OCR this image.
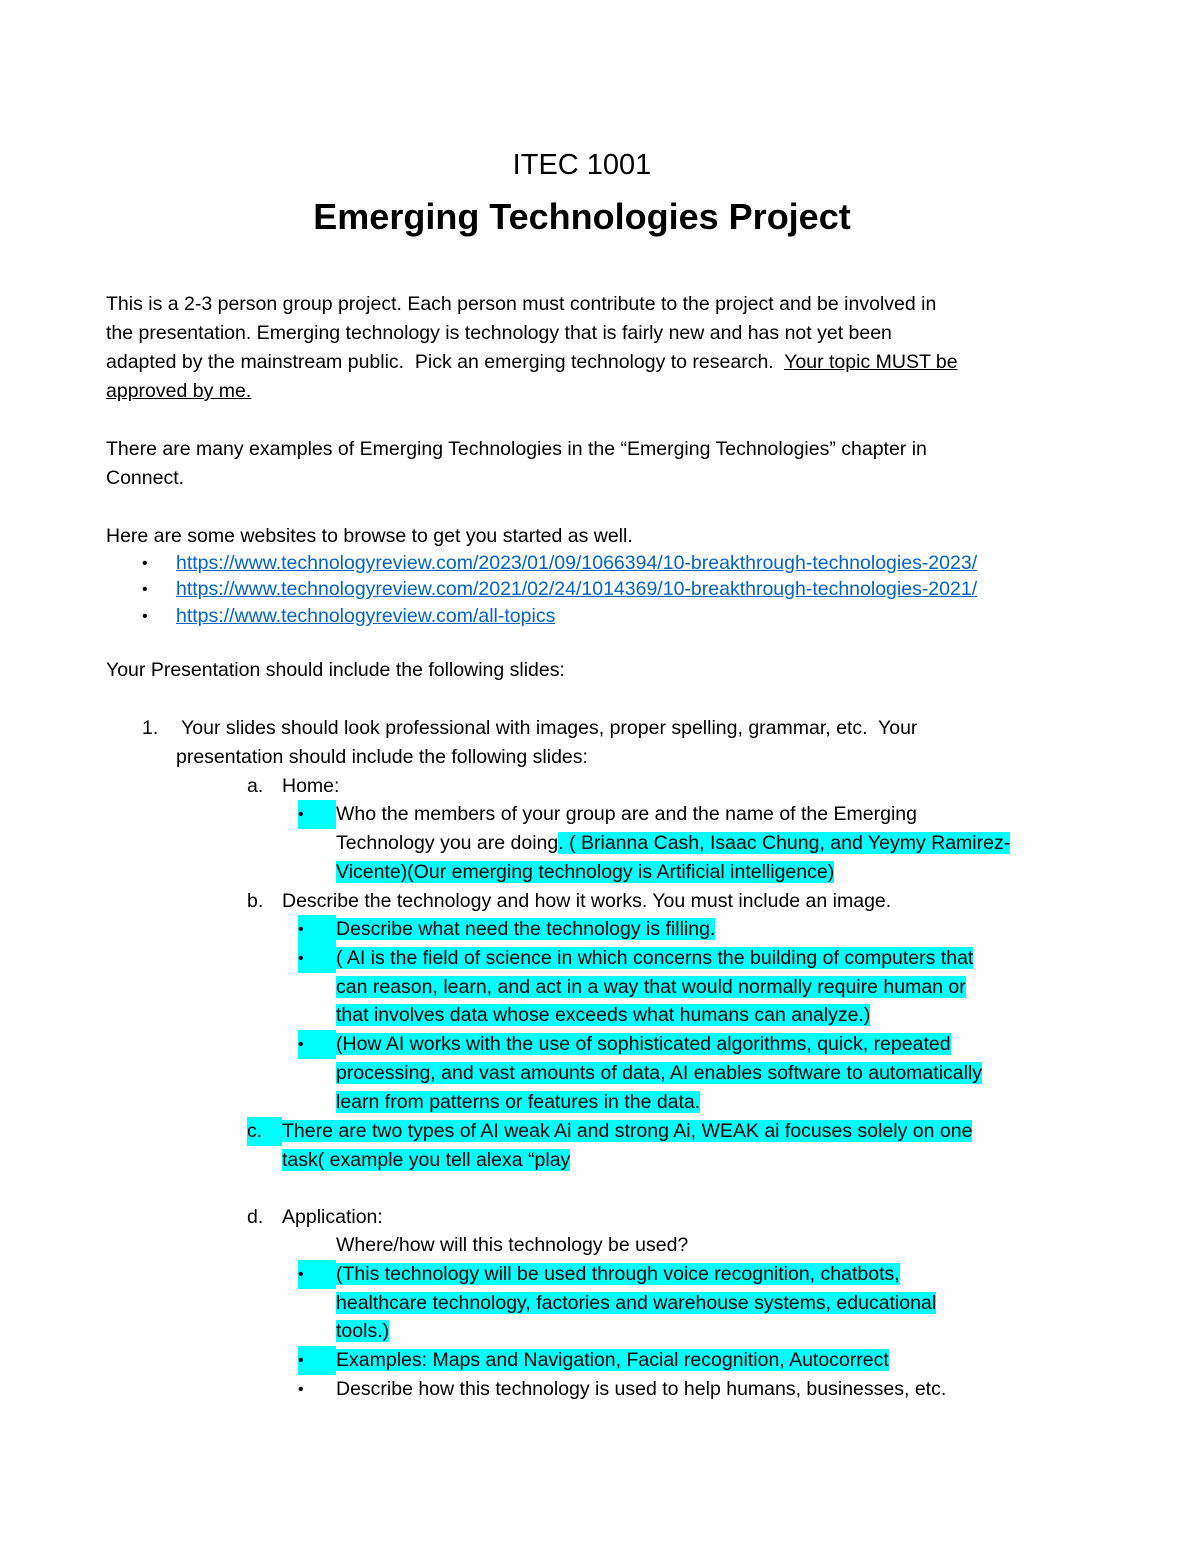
ITEC 1001
Emerging Technologies Project
This is a 2-3 person group project. Each person must contribute to the project and be involved in
the presentation. Emerging technology is technology that is fairly new and has not yet been
adapted by the mainstream public.  Pick an emerging technology to research.  Your topic MUST be
approved by me.
There are many examples of Emerging Technologies in the “Emerging Technologies” chapter in
Connect.
Here are some websites to browse to get you started as well.
• https://www.technologyreview.com/2023/01/09/1066394/10-breakthrough-technologies-2023/
• https://www.technologyreview.com/2021/02/24/1014369/10-breakthrough-technologies-2021/
• https://www.technologyreview.com/all-topics
Your Presentation should include the following slides:
1. Your slides should look professional with images, proper spelling, grammar, etc.  Your
presentation should include the following slides:
a. Home:
•	Who the members of your group are and the name of the Emerging
Technology you are doing. ( Brianna Cash, Isaac Chung, and Yeymy Ramirez-
Vicente)(Our emerging technology is Artificial intelligence)
b. Describe the technology and how it works. You must include an image.
•	Describe what need the technology is filling.
•	( AI is the field of science in which concerns the building of computers that
can reason, learn, and act in a way that would normally require human or
that involves data whose exceeds what humans can analyze.)
•	(How AI works with the use of sophisticated algorithms, quick, repeated
processing, and vast amounts of data, AI enables software to automatically
learn from patterns or features in the data.
c.	There are two types of AI weak Ai and strong Ai, WEAK ai focuses solely on one
task( example you tell alexa “play
d. Application:
Where/how will this technology be used?
•	(This technology will be used through voice recognition, chatbots,
healthcare technology, factories and warehouse systems, educational
tools.)
•	Examples: Maps and Navigation, Facial recognition, Autocorrect
• Describe how this technology is used to help humans, businesses, etc.
